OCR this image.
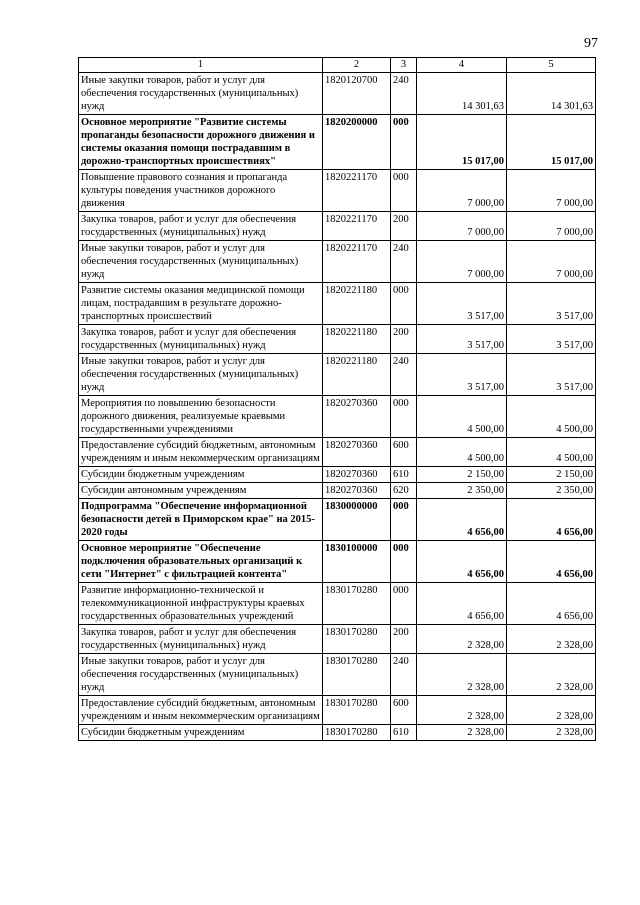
97
1	2	3	4	5
Иные закупки товаров, работ и услуг для обеспечения государственных (муниципальных) нужд	1820120700	240	14 301,63	14 301,63
Основное мероприятие "Развитие системы пропаганды безопасности дорожного движения и системы оказания помощи пострадавшим в дорожно-транспортных происшествиях"	1820200000	000	15 017,00	15 017,00
Повышение правового сознания и пропаганда культуры поведения участников дорожного движения	1820221170	000	7 000,00	7 000,00
Закупка товаров, работ и услуг для обеспечения государственных (муниципальных) нужд	1820221170	200	7 000,00	7 000,00
Иные закупки товаров, работ и услуг для обеспечения государственных (муниципальных) нужд	1820221170	240	7 000,00	7 000,00
Развитие системы оказания медицинской помощи лицам, пострадавшим в результате дорожно-транспортных происшествий	1820221180	000	3 517,00	3 517,00
Закупка товаров, работ и услуг для обеспечения государственных (муниципальных) нужд	1820221180	200	3 517,00	3 517,00
Иные закупки товаров, работ и услуг для обеспечения государственных (муниципальных) нужд	1820221180	240	3 517,00	3 517,00
Мероприятия по повышению безопасности дорожного движения, реализуемые краевыми государственными учреждениями	1820270360	000	4 500,00	4 500,00
Предоставление субсидий бюджетным, автономным учреждениям и иным некоммерческим организациям	1820270360	600	4 500,00	4 500,00
Субсидии бюджетным учреждениям	1820270360	610	2 150,00	2 150,00
Субсидии автономным учреждениям	1820270360	620	2 350,00	2 350,00
Подпрограмма "Обеспечение информационной безопасности детей в Приморском крае" на 2015-2020 годы	1830000000	000	4 656,00	4 656,00
Основное мероприятие "Обеспечение подключения образовательных организаций к сети "Интернет" с фильтрацией контента"	1830100000	000	4 656,00	4 656,00
Развитие информационно-технической и телекоммуникационной инфраструктуры краевых государственных образовательных учреждений	1830170280	000	4 656,00	4 656,00
Закупка товаров, работ и услуг для обеспечения государственных (муниципальных) нужд	1830170280	200	2 328,00	2 328,00
Иные закупки товаров, работ и услуг для обеспечения государственных (муниципальных) нужд	1830170280	240	2 328,00	2 328,00
Предоставление субсидий бюджетным, автономным учреждениям и иным некоммерческим организациям	1830170280	600	2 328,00	2 328,00
Субсидии бюджетным учреждениям	1830170280	610	2 328,00	2 328,00
